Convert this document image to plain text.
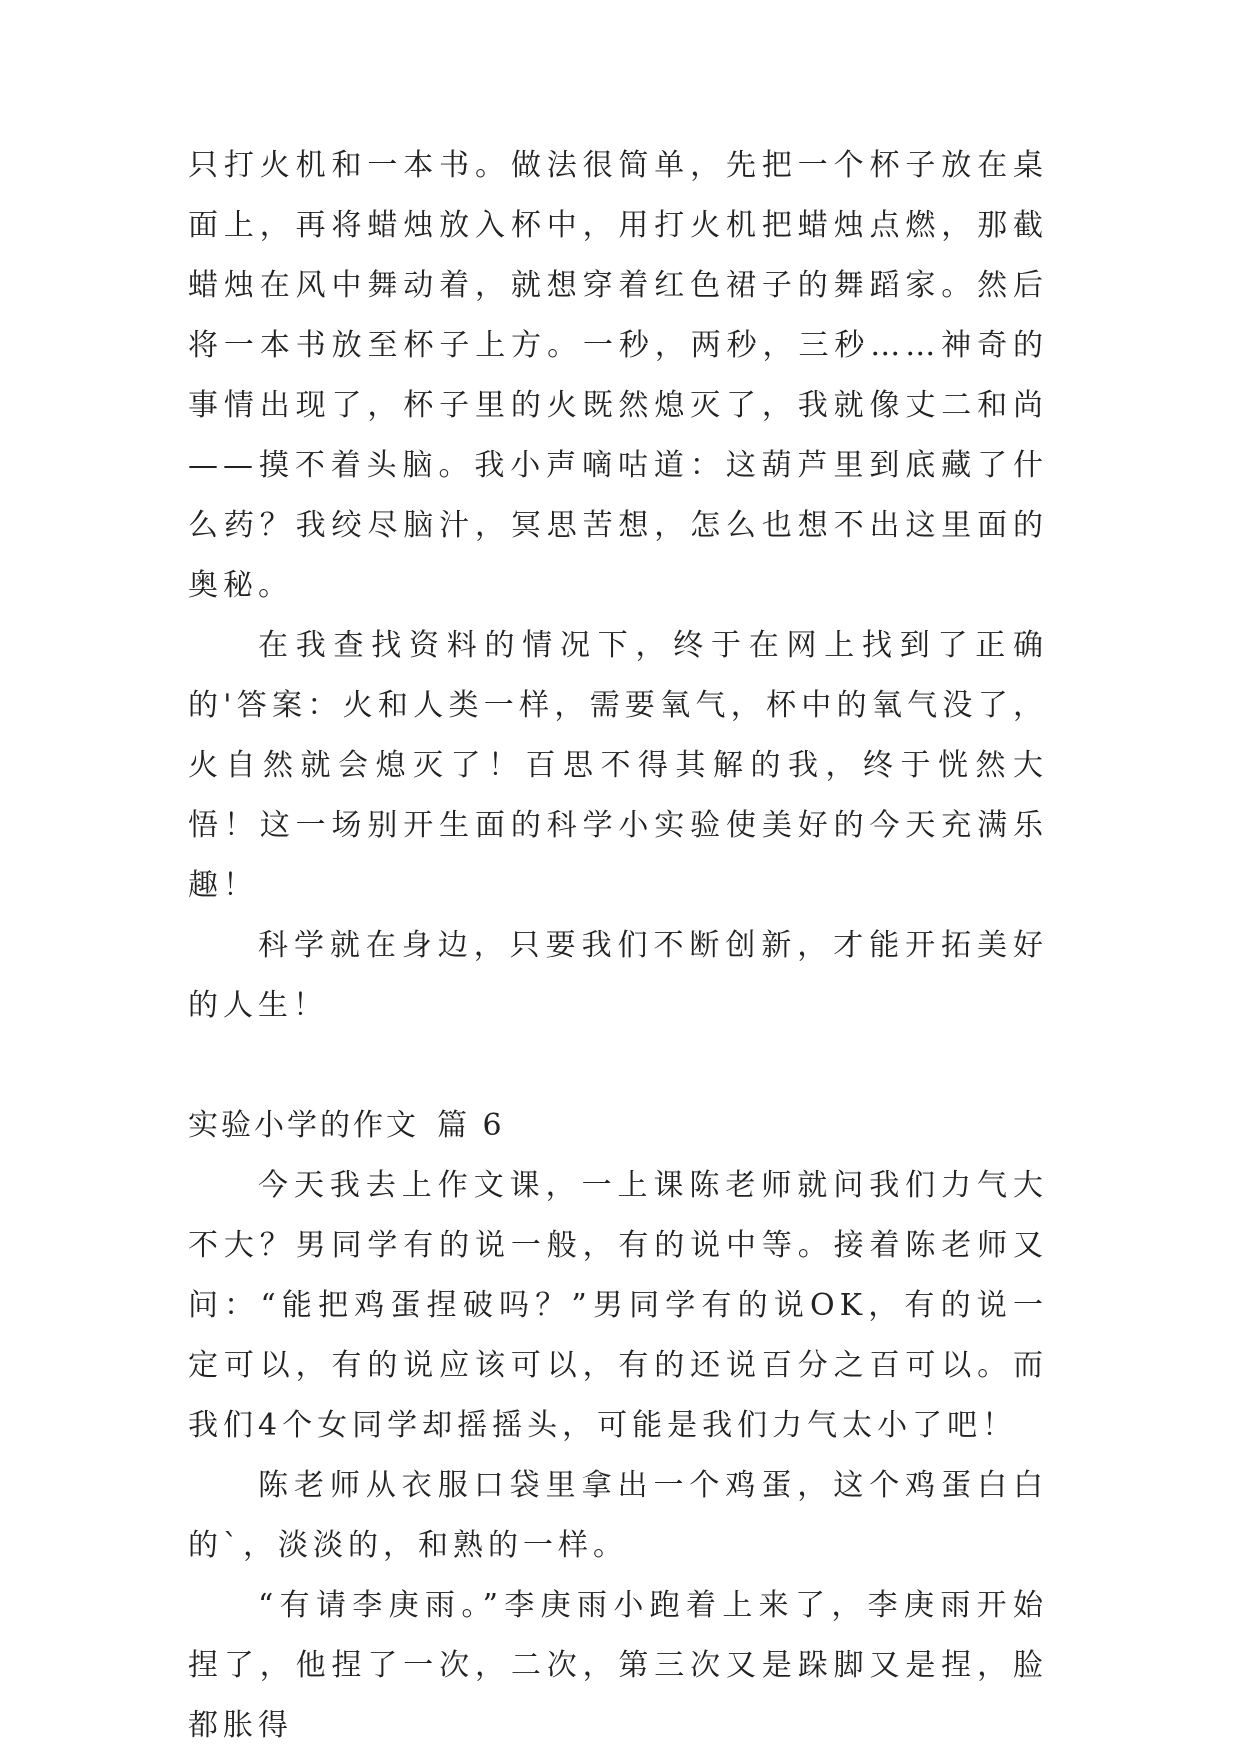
只打火机和一本书。做法很简单，先把一个杯子放在桌面上，再将蜡烛放入杯中，用打火机把蜡烛点燃，那截蜡烛在风中舞动着，就想穿着红色裙子的舞蹈家。然后将一本书放至杯子上方。一秒，两秒，三秒……神奇的事情出现了，杯子里的火既然熄灭了，我就像丈二和尚——摸不着头脑。我小声嘀咕道：这葫芦里到底藏了什么药？我绞尽脑汁，冥思苦想，怎么也想不出这里面的奥秘。

在我查找资料的情况下，终于在网上找到了正确的'答案：火和人类一样，需要氧气，杯中的氧气没了，火自然就会熄灭了！百思不得其解的我，终于恍然大悟！这一场别开生面的科学小实验使美好的今天充满乐趣！

科学就在身边，只要我们不断创新，才能开拓美好的人生！

实验小学的作文 篇 6

今天我去上作文课，一上课陈老师就问我们力气大不大？男同学有的说一般，有的说中等。接着陈老师又问：“能把鸡蛋捏破吗？”男同学有的说OK，有的说一定可以，有的说应该可以，有的还说百分之百可以。而我们4个女同学却摇摇头，可能是我们力气太小了吧！

陈老师从衣服口袋里拿出一个鸡蛋，这个鸡蛋白白的`，淡淡的，和熟的一样。

“有请李庚雨。”李庚雨小跑着上来了，李庚雨开始捏了，他捏了一次，二次，第三次又是跺脚又是捏，脸都胀得
